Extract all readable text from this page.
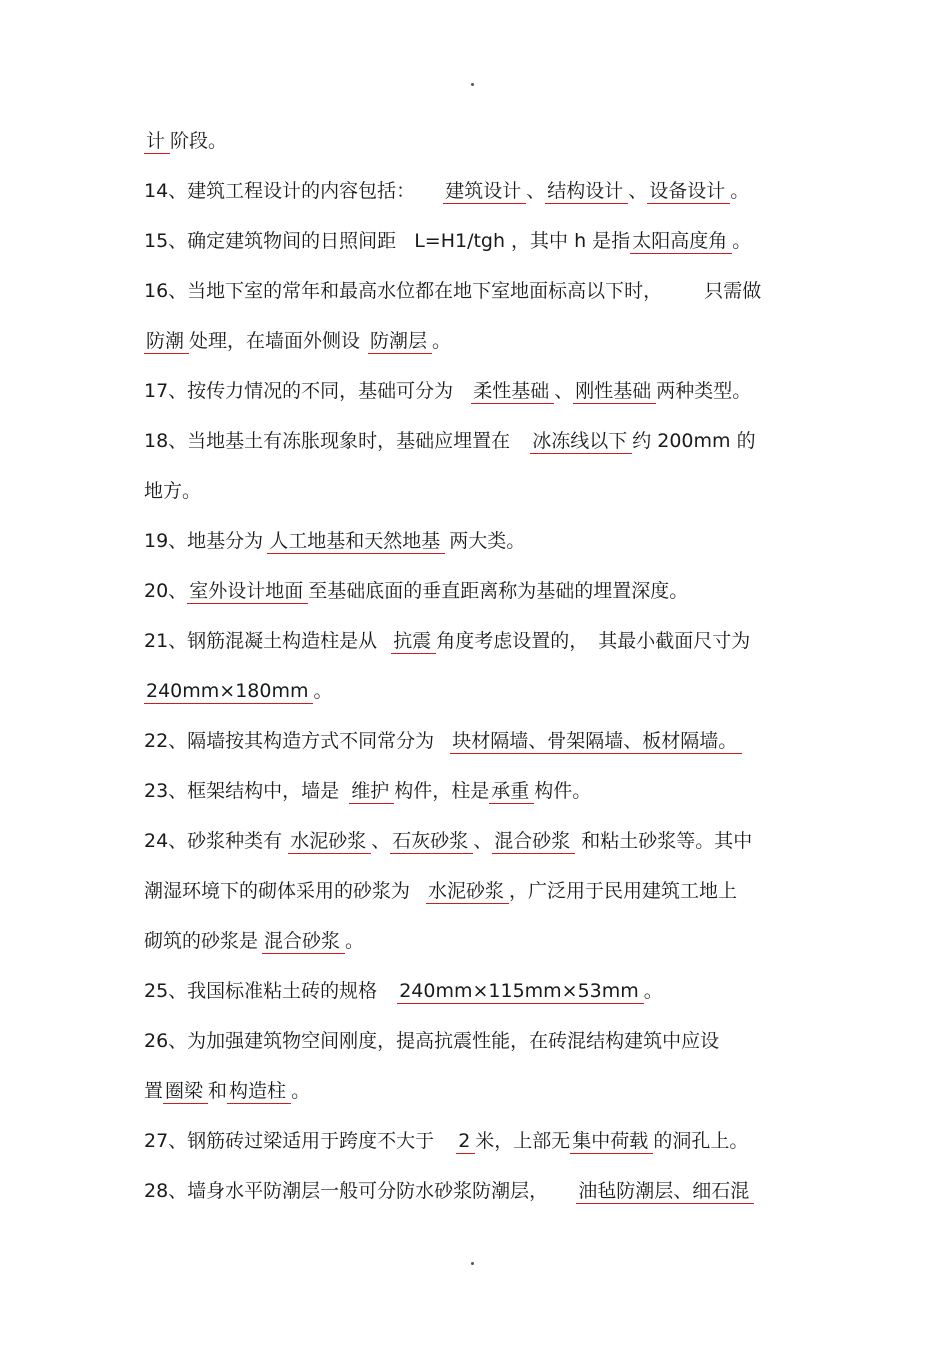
计 阶段。
14、建筑工程设计的内容包括： 建筑设计 、 结构设计 、 设备设计 。
15、确定建筑物间的日照间距 L=H1/tgh ，其中 h 是指 太阳高度角 。
16、当地下室的常年和最高水位都在地下室地面标高以下时， 只需做
防潮 处理，在墙面外侧设 防潮层 。
17、按传力情况的不同，基础可分为 柔性基础 、 刚性基础 两种类型。
18、当地基土有冻胀现象时，基础应埋置在 冰冻线以下 约 200mm 的
地方。
19、地基分为 人工地基和天然地基 两大类。
20、 室外设计地面 至基础底面的垂直距离称为基础的埋置深度。
21、钢筋混凝土构造柱是从 抗震 角度考虑设置的， 其最小截面尺寸为
240mm×180mm 。
22、隔墙按其构造方式不同常分为 块材隔墙、骨架隔墙、板材隔墙。
23、框架结构中，墙是 维护 构件，柱是 承重 构件。
24、砂浆种类有 水泥砂浆 、 石灰砂浆 、 混合砂浆 和粘土砂浆等。其中
潮湿环境下的砌体采用的砂浆为 水泥砂浆 ，广泛用于民用建筑工地上
砌筑的砂浆是 混合砂浆 。
25、我国标准粘土砖的规格 240mm×115mm×53mm 。
26、为加强建筑物空间刚度，提高抗震性能，在砖混结构建筑中应设
置 圈梁 和 构造柱 。
27、钢筋砖过梁适用于跨度不大于 2 米，上部无 集中荷载 的洞孔上。
28、墙身水平防潮层一般可分防水砂浆防潮层， 油毡防潮层、细石混
